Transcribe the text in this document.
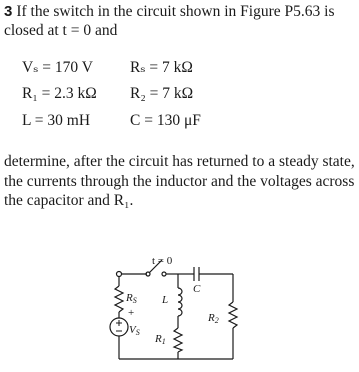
3 If the switch in the circuit shown in Figure P5.63 is
closed at t = 0 and
Vₛ = 170 V Rₛ = 7 kΩ
R₁ = 2.3 kΩ R₂ = 7 kΩ
L = 30 mH	C = 130 μF
determine, after the circuit has returned to a steady state, the currents through the inductor and the voltages across the capacitor and R₁.
t = 0
RS L
C
R2
+
VS
R1
